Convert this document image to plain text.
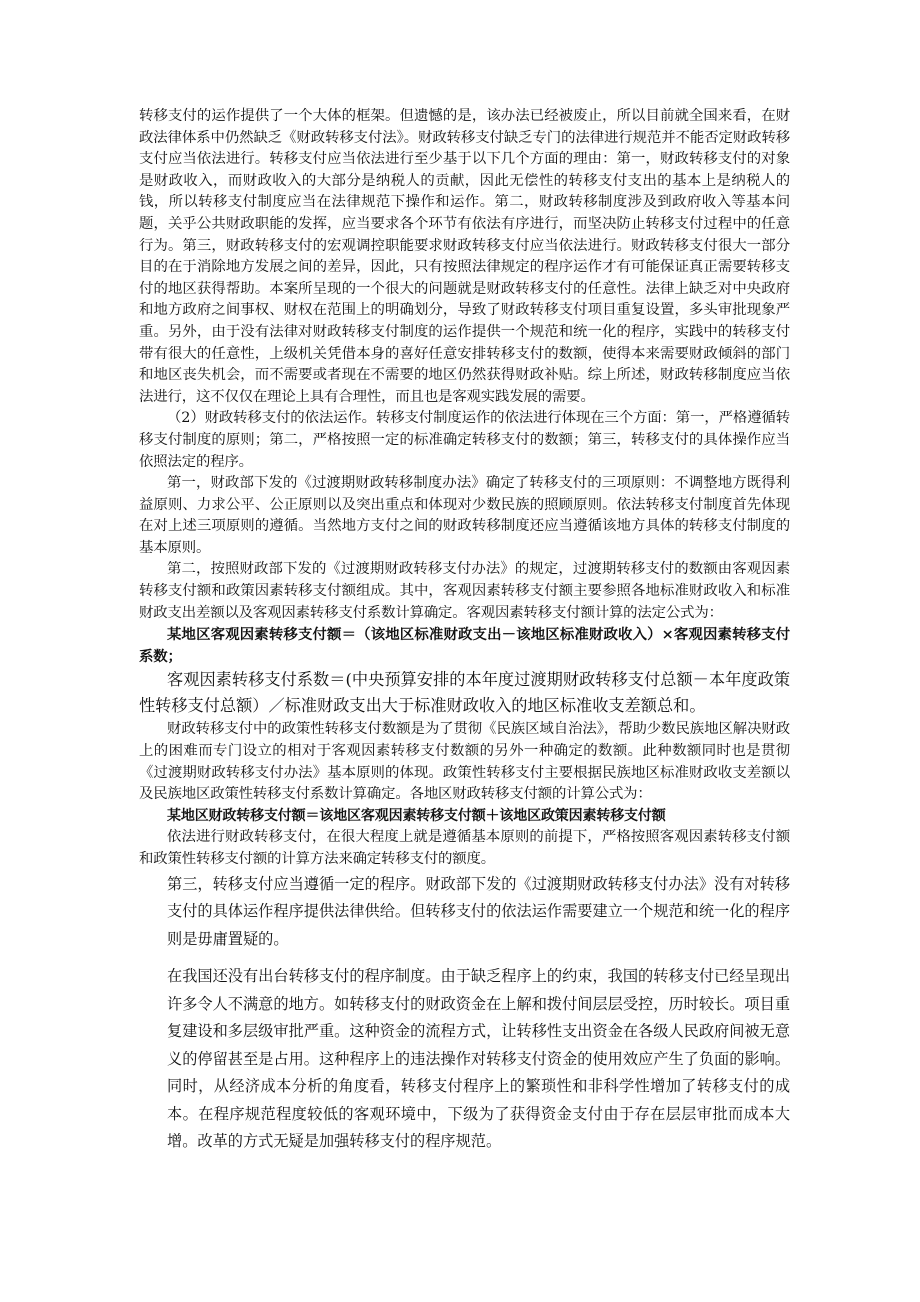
转移支付的运作提供了一个大体的框架。但遗憾的是，该办法已经被废止，所以目前就全国来看，在财政法律体系中仍然缺乏《财政转移支付法》。财政转移支付缺乏专门的法律进行规范并不能否定财政转移支付应当依法进行。转移支付应当依法进行至少基于以下几个方面的理由：第一，财政转移支付的对象是财政收入，而财政收入的大部分是纳税人的贡献，因此无偿性的转移支付支出的基本上是纳税人的钱，所以转移支付制度应当在法律规范下操作和运作。第二，财政转移制度涉及到政府收入等基本问题，关乎公共财政职能的发挥，应当要求各个环节有依法有序进行，而坚决防止转移支付过程中的任意行为。第三，财政转移支付的宏观调控职能要求财政转移支付应当依法进行。财政转移支付很大一部分目的在于消除地方发展之间的差异，因此，只有按照法律规定的程序运作才有可能保证真正需要转移支付的地区获得帮助。本案所呈现的一个很大的问题就是财政转移支付的任意性。法律上缺乏对中央政府和地方政府之间事权、财权在范围上的明确划分，导致了财政转移支付项目重复设置，多头审批现象严重。另外，由于没有法律对财政转移支付制度的运作提供一个规范和统一化的程序，实践中的转移支付带有很大的任意性，上级机关凭借本身的喜好任意安排转移支付的数额，使得本来需要财政倾斜的部门和地区丧失机会，而不需要或者现在不需要的地区仍然获得财政补贴。综上所述，财政转移制度应当依法进行，这不仅仅在理论上具有合理性，而且也是客观实践发展的需要。

（2）财政转移支付的依法运作。转移支付制度运作的依法进行体现在三个方面：第一，严格遵循转移支付制度的原则；第二，严格按照一定的标准确定转移支付的数额；第三，转移支付的具体操作应当依照法定的程序。

第一，财政部下发的《过渡期财政转移制度办法》确定了转移支付的三项原则：不调整地方既得利益原则、力求公平、公正原则以及突出重点和体现对少数民族的照顾原则。依法转移支付制度首先体现在对上述三项原则的遵循。当然地方支付之间的财政转移制度还应当遵循该地方具体的转移支付制度的基本原则。

第二，按照财政部下发的《过渡期财政转移支付办法》的规定，过渡期转移支付的数额由客观因素转移支付额和政策因素转移支付额组成。其中，客观因素转移支付额主要参照各地标准财政收入和标准财政支出差额以及客观因素转移支付系数计算确定。客观因素转移支付额计算的法定公式为：

某地区客观因素转移支付额＝（该地区标准财政支出－该地区标准财政收入）×客观因素转移支付系数；

客观因素转移支付系数＝(中央预算安排的本年度过渡期财政转移支付总额－本年度政策性转移支付总额）／标准财政支出大于标准财政收入的地区标准收支差额总和。

财政转移支付中的政策性转移支付数额是为了贯彻《民族区域自治法》，帮助少数民族地区解决财政上的困难而专门设立的相对于客观因素转移支付数额的另外一种确定的数额。此种数额同时也是贯彻《过渡期财政转移支付办法》基本原则的体现。政策性转移支付主要根据民族地区标准财政收支差额以及民族地区政策性转移支付系数计算确定。各地区财政转移支付额的计算公式为：

某地区财政转移支付额＝该地区客观因素转移支付额＋该地区政策因素转移支付额

依法进行财政转移支付，在很大程度上就是遵循基本原则的前提下，严格按照客观因素转移支付额和政策性转移支付额的计算方法来确定转移支付的额度。

第三，转移支付应当遵循一定的程序。财政部下发的《过渡期财政转移支付办法》没有对转移支付的具体运作程序提供法律供给。但转移支付的依法运作需要建立一个规范和统一化的程序则是毋庸置疑的。

在我国还没有出台转移支付的程序制度。由于缺乏程序上的约束，我国的转移支付已经呈现出许多令人不满意的地方。如转移支付的财政资金在上解和拨付间层层受控，历时较长。项目重复建设和多层级审批严重。这种资金的流程方式，让转移性支出资金在各级人民政府间被无意义的停留甚至是占用。这种程序上的违法操作对转移支付资金的使用效应产生了负面的影响。同时，从经济成本分析的角度看，转移支付程序上的繁琐性和非科学性增加了转移支付的成本。在程序规范程度较低的客观环境中，下级为了获得资金支付由于存在层层审批而成本大增。改革的方式无疑是加强转移支付的程序规范。
